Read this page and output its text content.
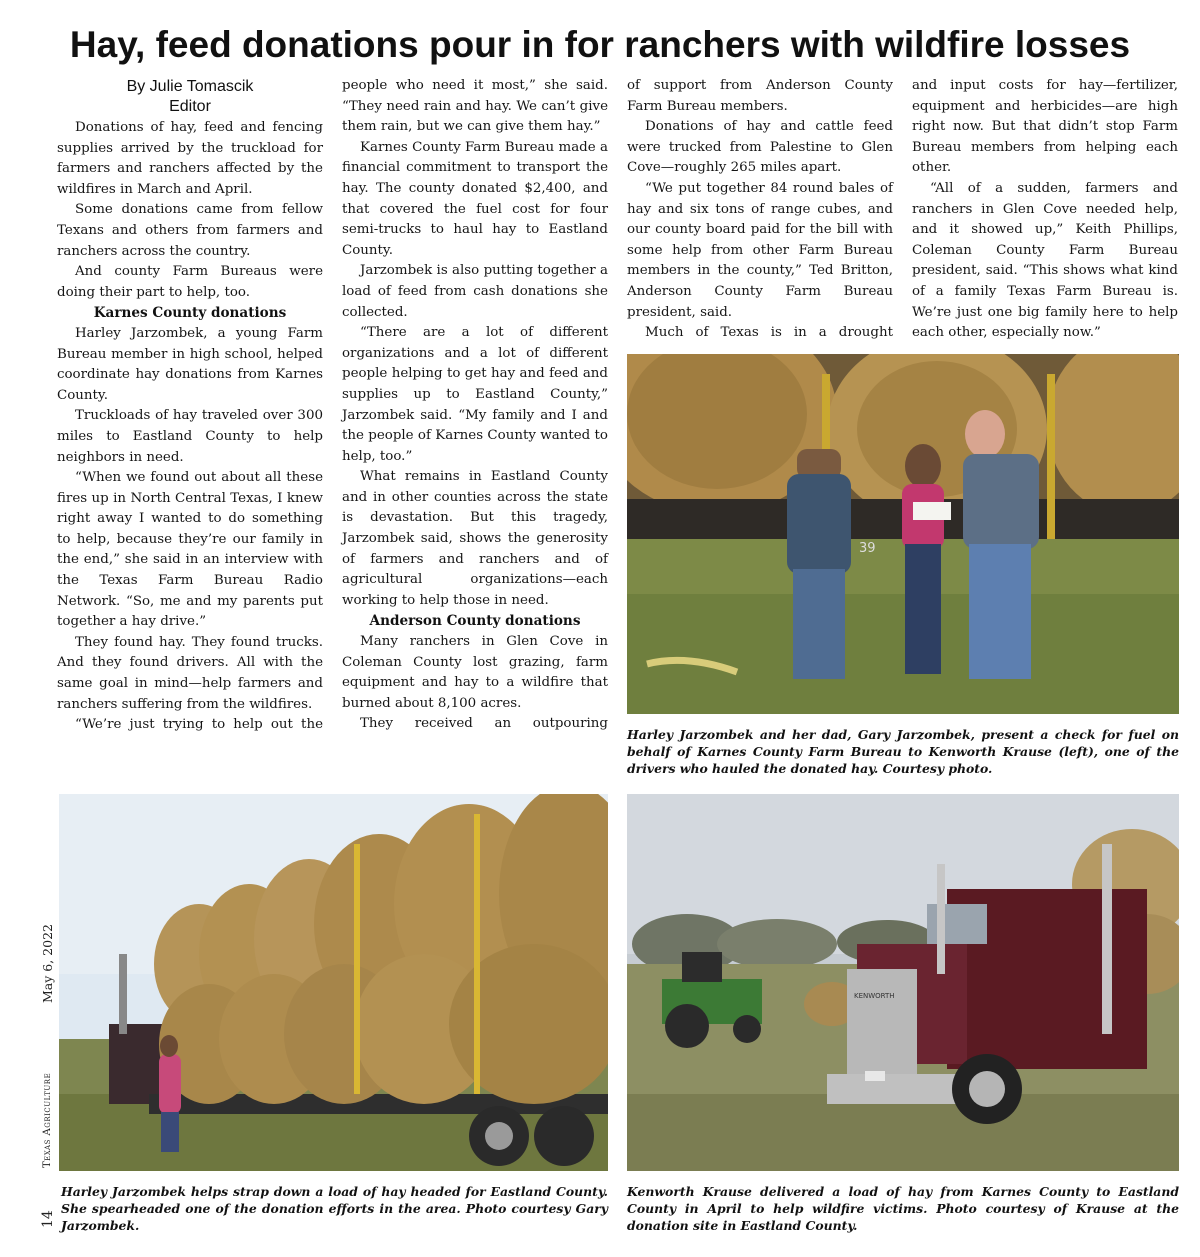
Hay, feed donations pour in for ranchers with wildfire losses
By Julie Tomascik
Editor

Donations of hay, feed and fencing supplies arrived by the truckload for farmers and ranchers affected by the wildfires in March and April.

Some donations came from fellow Texans and others from farmers and ranchers across the country.

And county Farm Bureaus were doing their part to help, too.

Karnes County donations

Harley Jarzombek, a young Farm Bureau member in high school, helped coordinate hay donations from Karnes County.

Truckloads of hay traveled over 300 miles to Eastland County to help neighbors in need.

“When we found out about all these fires up in North Central Texas, I knew right away I wanted to do something to help, because they’re our family in the end,” she said in an interview with the Texas Farm Bureau Radio Network. “So, me and my parents put together a hay drive.”

They found hay. They found trucks. And they found drivers. All with the same goal in mind—help farmers and ranchers suffering from the wildfires.

“We’re just trying to help out the

people who need it most,” she said. “They need rain and hay. We can’t give them rain, but we can give them hay.”

Karnes County Farm Bureau made a financial commitment to transport the hay. The county donated $2,400, and that covered the fuel cost for four semi-trucks to haul hay to Eastland County.

Jarzombek is also putting together a load of feed from cash donations she collected.

“There are a lot of different organizations and a lot of different people helping to get hay and feed and supplies up to Eastland County,” Jarzombek said. “My family and I and the people of Karnes County wanted to help, too.”

What remains in Eastland County and in other counties across the state is devastation. But this tragedy, Jarzombek said, shows the generosity of farmers and ranchers and of agricultural organizations—each working to help those in need.

Anderson County donations

Many ranchers in Glen Cove in Coleman County lost grazing, farm equipment and hay to a wildfire that burned about 8,100 acres.

They received an outpouring

of support from Anderson County Farm Bureau members.

Donations of hay and cattle feed were trucked from Palestine to Glen Cove—roughly 265 miles apart.

“We put together 84 round bales of hay and six tons of range cubes, and our county board paid for the bill with some help from other Farm Bureau members in the county,” Ted Britton, Anderson County Farm Bureau president, said.

Much of Texas is in a drought

and input costs for hay—fertilizer, equipment and herbicides—are high right now. But that didn’t stop Farm Bureau members from helping each other.

“All of a sudden, farmers and ranchers in Glen Cove needed help, and it showed up,” Keith Phillips, Coleman County Farm Bureau president, said. “This shows what kind of a family Texas Farm Bureau is. We’re just one big family here to help each other, especially now.”

39
Harley Jarzombek and her dad, Gary Jarzombek, present a check for fuel on behalf of Karnes County Farm Bureau to Kenworth Krause (left), one of the drivers who hauled the donated hay. Courtesy photo.
Harley Jarzombek helps strap down a load of hay headed for Eastland County. She spearheaded one of the donation efforts in the area. Photo courtesy Gary Jarzombek.
KENWORTH
Kenworth Krause delivered a load of hay from Karnes County to Eastland County in April to help wildfire victims. Photo courtesy of Krause at the donation site in Eastland County.
May 6, 2022
Texas Agriculture
14
